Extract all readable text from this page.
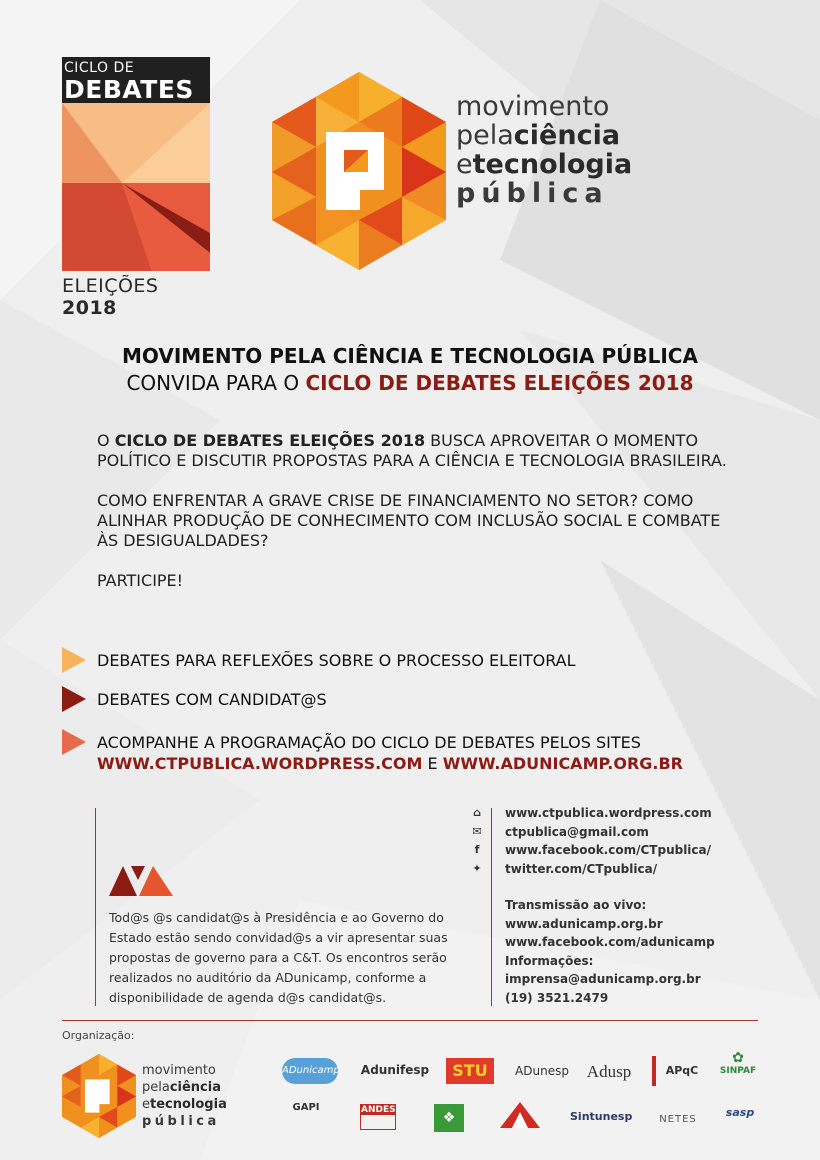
CICLO DE
DEBATES
ELEIÇÕES 2018
movimento
pelaciência
etecnologia
pública
MOVIMENTO PELA CIÊNCIA E TECNOLOGIA PÚBLICA
CONVIDA PARA O CICLO DE DEBATES ELEIÇÕES 2018

O CICLO DE DEBATES ELEIÇÕES 2018 BUSCA APROVEITAR O MOMENTO POLÍTICO E DISCUTIR PROPOSTAS PARA A CIÊNCIA E TECNOLOGIA BRASILEIRA.

COMO ENFRENTAR A GRAVE CRISE DE FINANCIAMENTO NO SETOR? COMO ALINHAR PRODUÇÃO DE CONHECIMENTO COM INCLUSÃO SOCIAL E COMBATE ÀS DESIGUALDADES?

PARTICIPE!

DEBATES PARA REFLEXÕES SOBRE O PROCESSO ELEITORAL
DEBATES COM CANDIDAT@S
ACOMPANHE A PROGRAMAÇÃO DO CICLO DE DEBATES PELOS SITES
WWW.CTPUBLICA.WORDPRESS.COM E WWW.ADUNICAMP.ORG.BR
Tod@s @s candidat@s à Presidência e ao Governo do Estado estão sendo convidad@s a vir apresentar suas propostas de governo para a C&T. Os encontros serão realizados no auditório da ADunicamp, conforme a disponibilidade de agenda d@s candidat@s.
⌂ www.ctpublica.wordpress.com
✉ ctpublica@gmail.com
f	www.facebook.com/CTpublica/
✦ twitter.com/CTpublica/
Transmissão ao vivo:
www.adunicamp.org.br
www.facebook.com/adunicamp
Informações:
imprensa@adunicamp.org.br
(19) 3521.2479
Organização:
movimento
pelaciência
etecnologia
pública
ADunicamp Adunifesp	STU	ADunesp Adusp	APqC
✿
SINPAF
GAPI	ANDES	❖	Sintunesp	NETES
sasp
